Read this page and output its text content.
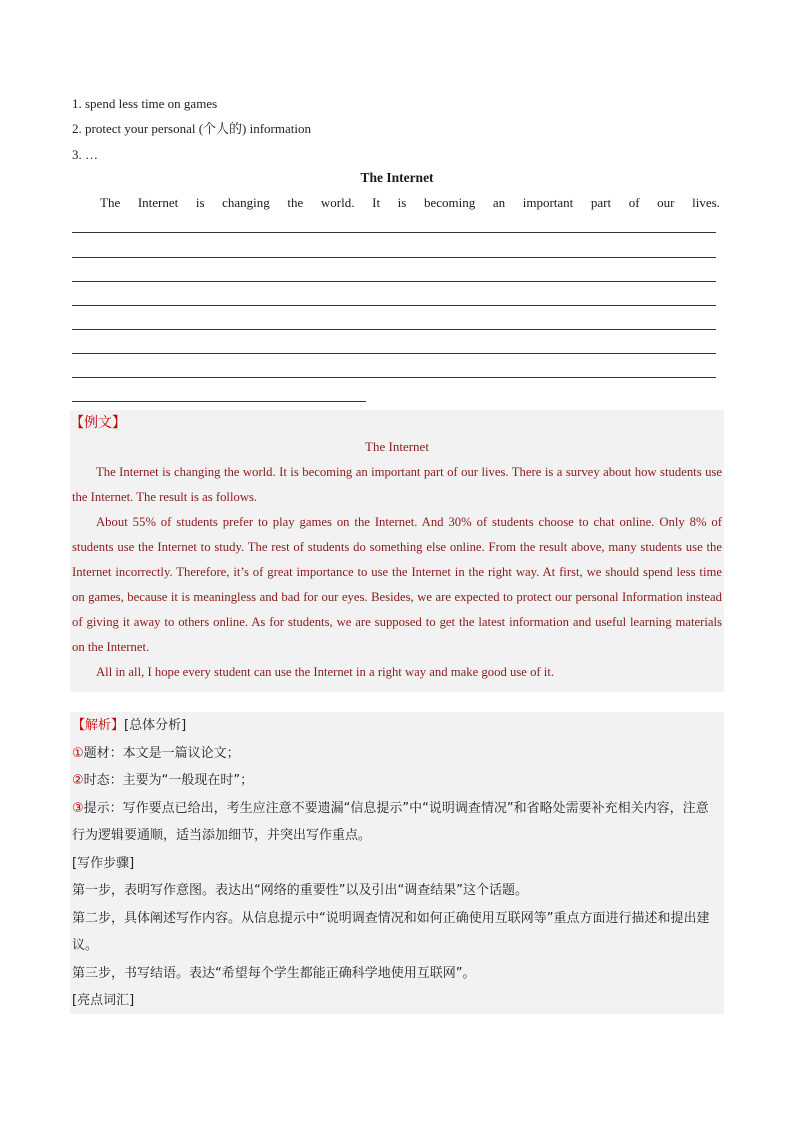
1. spend less time on games
2. protect your personal (个人的) information
3. …
The Internet
The Internet is changing the world. It is becoming an important part of our lives.
【例文】
The Internet

The Internet is changing the world. It is becoming an important part of our lives. There is a survey about how students use the Internet. The result is as follows.

About 55% of students prefer to play games on the Internet. And 30% of students choose to chat online. Only 8% of students use the Internet to study. The rest of students do something else online. From the result above, many students use the Internet incorrectly. Therefore, it’s of great importance to use the Internet in the right way. At first, we should spend less time on games, because it is meaningless and bad for our eyes. Besides, we are expected to protect our personal Information instead of giving it away to others online. As for students, we are supposed to get the latest information and useful learning materials on the Internet.

All in all, I hope every student can use the Internet in a right way and make good use of it.

【解析】[总体分析]
①题材：本文是一篇议论文；
②时态：主要为“一般现在时”；
③提示：写作要点已给出，考生应注意不要遗漏“信息提示”中“说明调查情况”和省略处需要补充相关内容，注意行为逻辑要通顺，适当添加细节，并突出写作重点。
[写作步骤]
第一步，表明写作意图。表达出“网络的重要性”以及引出“调查结果”这个话题。
第二步，具体阐述写作内容。从信息提示中“说明调查情况和如何正确使用互联网等”重点方面进行描述和提出建议。
第三步，书写结语。表达“希望每个学生都能正确科学地使用互联网”。
[亮点词汇]
